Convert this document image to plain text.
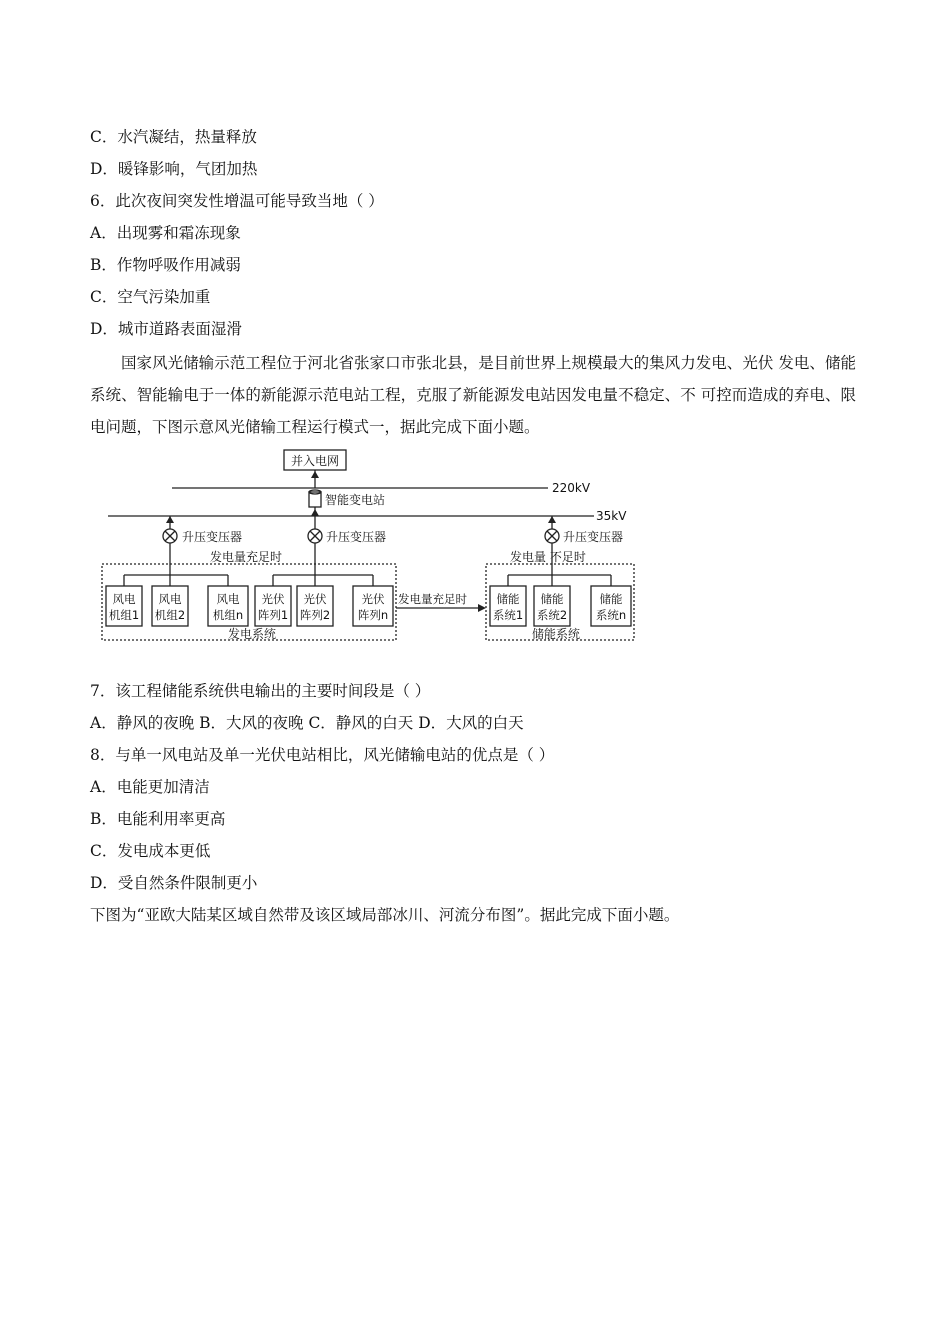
C．水汽凝结，热量释放
D．暖锋影响，气团加热
6．此次夜间突发性增温可能导致当地（ ）
A．出现雾和霜冻现象
B．作物呼吸作用减弱
C．空气污染加重
D．城市道路表面湿滑
国家风光储输示范工程位于河北省张家口市张北县，是目前世界上规模最大的集风力发电、光伏 发电、储能系统、智能输电于一体的新能源示范电站工程，克服了新能源发电站因发电量不稳定、不 可控而造成的弃电、限电问题，下图示意风光储输工程运行模式一，据此完成下面小题。
并入电网
220kV
智能变电站
35kV
升压变压器	升压变压器	升压变压器
发电量充足时	发电量 不足时
发电系统
发电量充足时
储能系统
风电
机组1
风电
机组2
风电
机组n
光伏
阵列1
光伏
阵列2
光伏
阵列n
储能
系统1
储能
系统2
储能
系统n
7．该工程储能系统供电输出的主要时间段是（ ）
A．静风的夜晚 B．大风的夜晚 C．静风的白天 D．大风的白天
8．与单一风电站及单一光伏电站相比，风光储输电站的优点是（ ）
A．电能更加清洁
B．电能利用率更高
C．发电成本更低
D．受自然条件限制更小
下图为“亚欧大陆某区域自然带及该区域局部冰川、河流分布图”。据此完成下面小题。
